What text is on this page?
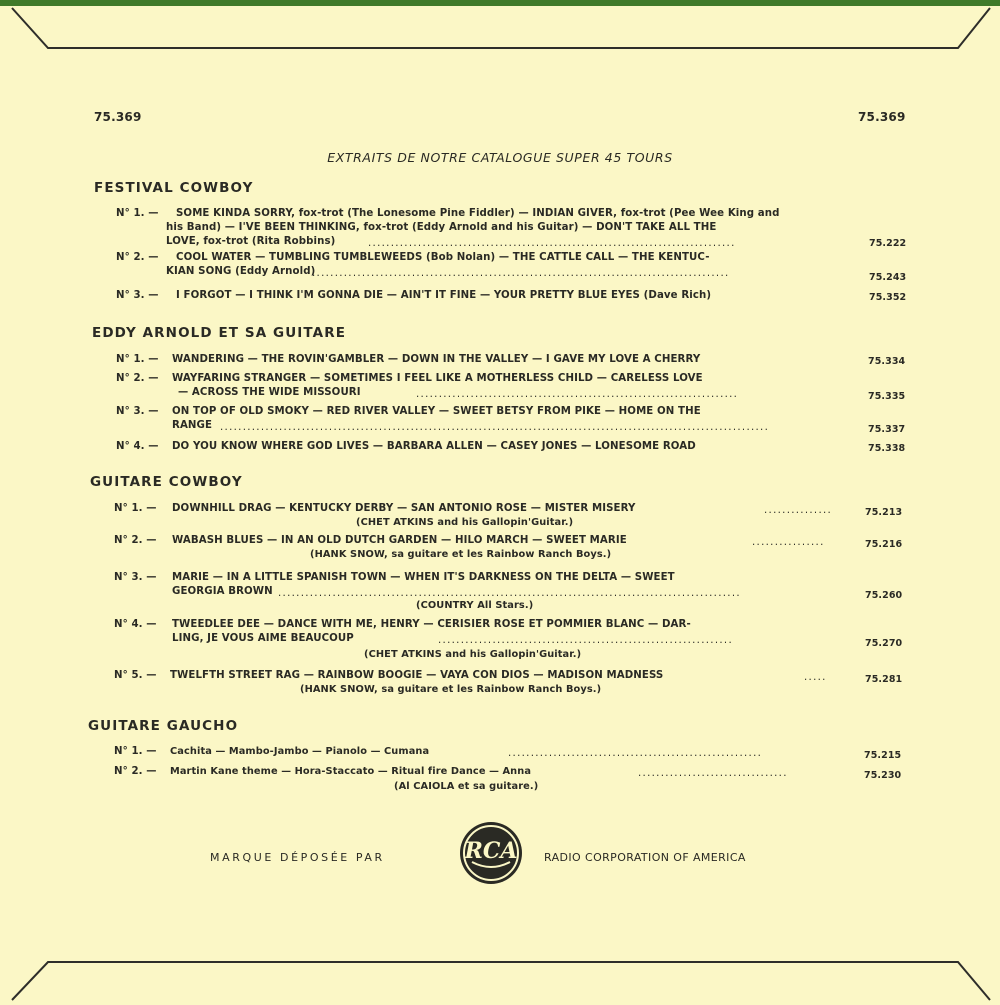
75.369	75.369
EXTRAITS DE NOTRE CATALOGUE SUPER 45 TOURS
FESTIVAL COWBOY
N° 1. — SOME KINDA SORRY, fox-trot (The Lonesome Pine Fiddler) — INDIAN GIVER, fox-trot (Pee Wee King and
his Band) — I'VE BEEN THINKING, fox-trot (Eddy Arnold and his Guitar) — DON'T TAKE ALL THE
LOVE, fox-trot (Rita Robbins)	.................................................................................	75.222
N° 2. — COOL WATER — TUMBLING TUMBLEWEEDS (Bob Nolan) — THE CATTLE CALL — THE KENTUC-
KIAN SONG (Eddy Arnold)
............................................................................................	75.243
N° 3. — I FORGOT — I THINK I'M GONNA DIE — AIN'T IT FINE — YOUR PRETTY BLUE EYES (Dave Rich)	75.352
EDDY ARNOLD ET SA GUITARE
N° 1. — WANDERING — THE ROVIN'GAMBLER — DOWN IN THE VALLEY — I GAVE MY LOVE A CHERRY	75.334
N° 2. — WAYFARING STRANGER — SOMETIMES I FEEL LIKE A MOTHERLESS CHILD — CARELESS LOVE
— ACROSS THE WIDE MISSOURI	.......................................................................	75.335
N° 3. — ON TOP OF OLD SMOKY — RED RIVER VALLEY — SWEET BETSY FROM PIKE — HOME ON THE
RANGE .........................................................................................................................	75.337
N° 4. — DO YOU KNOW WHERE GOD LIVES — BARBARA ALLEN — CASEY JONES — LONESOME ROAD	75.338
GUITARE COWBOY
N° 1. — DOWNHILL DRAG — KENTUCKY DERBY — SAN ANTONIO ROSE — MISTER MISERY	...............
(CHET ATKINS and his Gallopin'Guitar.)
75.213
N° 2. — WABASH BLUES — IN AN OLD DUTCH GARDEN — HILO MARCH — SWEET MARIE	................
(HANK SNOW, sa guitare et les Rainbow Ranch Boys.)
75.216
N° 3. — MARIE — IN A LITTLE SPANISH TOWN — WHEN IT'S DARKNESS ON THE DELTA — SWEET
GEORGIA BROWN ......................................................................................................
(COUNTRY All Stars.)
75.260
N° 4. — TWEEDLEE DEE — DANCE WITH ME, HENRY — CERISIER ROSE ET POMMIER BLANC — DAR-
LING, JE VOUS AIME BEAUCOUP	.................................................................
(CHET ATKINS and his Gallopin'Guitar.)
75.270
N° 5. — TWELFTH STREET RAG — RAINBOW BOOGIE — VAYA CON DIOS — MADISON MADNESS	.....
(HANK SNOW, sa guitare et les Rainbow Ranch Boys.)
75.281
GUITARE GAUCHO
N° 1. — Cachita — Mambo-Jambo — Pianolo — Cumana	........................................................	75.215
N° 2. — Martin Kane theme — Hora-Staccato — Ritual fire Dance — Anna	.................................
(Al CAIOLA et sa guitare.)
75.230
MARQUE DÉPOSÉE PAR	RCA RADIO CORPORATION OF AMERICA
